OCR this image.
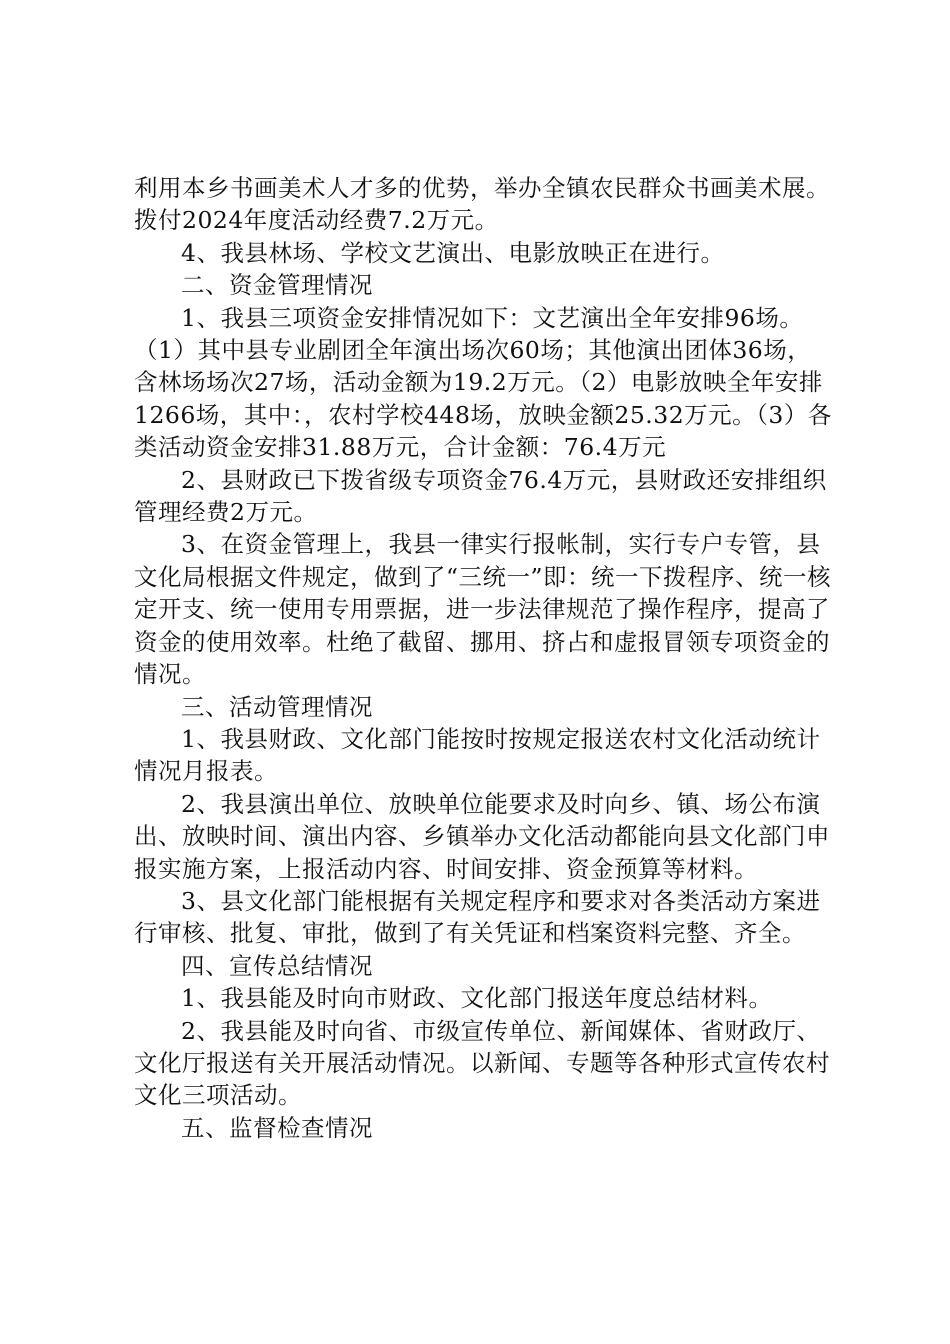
利用本乡书画美术人才多的优势，举办全镇农民群众书画美术展。拨付2024年度活动经费7.2万元。

4、我县林场、学校文艺演出、电影放映正在进行。

二、资金管理情况

1、我县三项资金安排情况如下：文艺演出全年安排96场。（1）其中县专业剧团全年演出场次60场；其他演出团体36场，含林场场次27场，活动金额为19.2万元。（2）电影放映全年安排1266场，其中：，农村学校448场，放映金额25.32万元。（3）各类活动资金安排31.88万元，合计金额：76.4万元

2、县财政已下拨省级专项资金76.4万元，县财政还安排组织管理经费2万元。

3、在资金管理上，我县一律实行报帐制，实行专户专管，县文化局根据文件规定，做到了“三统一”即：统一下拨程序、统一核定开支、统一使用专用票据，进一步法律规范了操作程序，提高了资金的使用效率。杜绝了截留、挪用、挤占和虚报冒领专项资金的情况。

三、活动管理情况

1、我县财政、文化部门能按时按规定报送农村文化活动统计情况月报表。

2、我县演出单位、放映单位能要求及时向乡、镇、场公布演出、放映时间、演出内容、乡镇举办文化活动都能向县文化部门申报实施方案，上报活动内容、时间安排、资金预算等材料。

3、县文化部门能根据有关规定程序和要求对各类活动方案进行审核、批复、审批，做到了有关凭证和档案资料完整、齐全。

四、宣传总结情况

1、我县能及时向市财政、文化部门报送年度总结材料。

2、我县能及时向省、市级宣传单位、新闻媒体、省财政厅、文化厅报送有关开展活动情况。以新闻、专题等各种形式宣传农村文化三项活动。

五、监督检查情况
